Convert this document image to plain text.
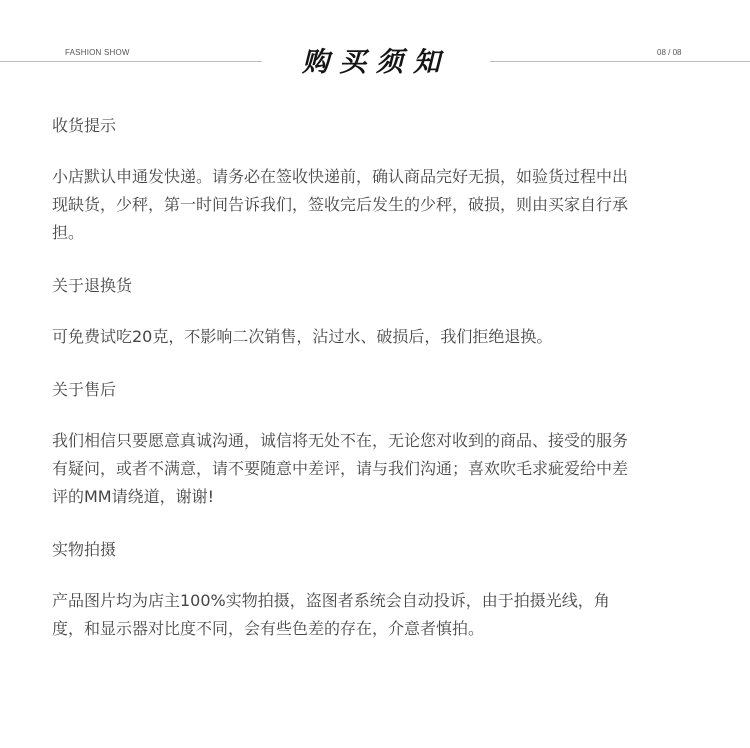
FASHION SHOW	购买须知	08 / 08

收货提示

小店默认申通发快递。请务必在签收快递前，确认商品完好无损，如验货过程中出

现缺货，少秤，第一时间告诉我们，签收完后发生的少秤，破损，则由买家自行承

担。

关于退换货

可免费试吃20克，不影响二次销售，沾过水、破损后，我们拒绝退换。

关于售后

我们相信只要愿意真诚沟通，诚信将无处不在，无论您对收到的商品、接受的服务

有疑问，或者不满意，请不要随意中差评，请与我们沟通；喜欢吹毛求疵爱给中差

评的MM请绕道，谢谢!

实物拍摄

产品图片均为店主100%实物拍摄，盗图者系统会自动投诉，由于拍摄光线，角

度，和显示器对比度不同，会有些色差的存在，介意者慎拍。
